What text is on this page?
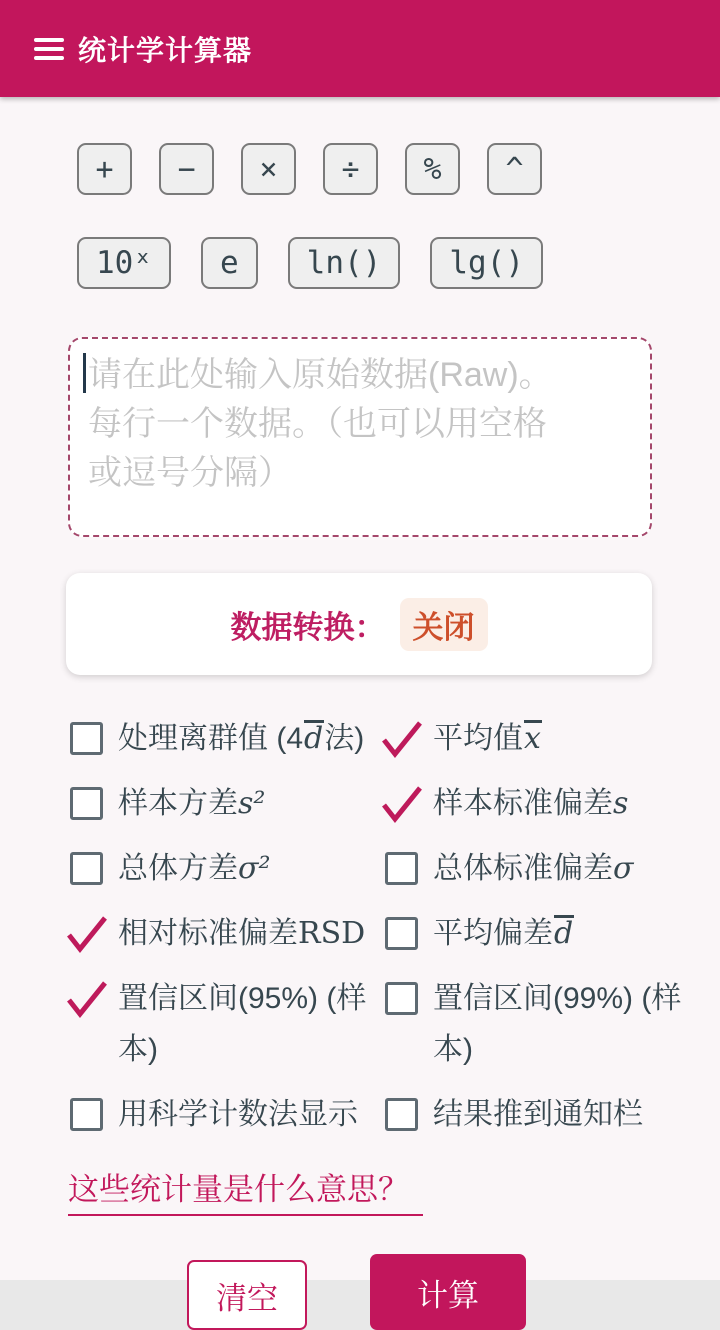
统计学计算器
+	−	×	÷	%	^
10ˣ	e	ln()	lg()
请在此处输入原始数据(Raw)。 每行一个数据。（也可以用空格 或逗号分隔）
数据转换： 关闭
处理离群值 (4d法) 平均值x
样本方差s²	样本标准偏差s
总体方差σ²	总体标准偏差σ
相对标准偏差RSD 平均偏差d
置信区间(95%) (样本)
置信区间(99%) (样本)
用科学计数法显示	结果推到通知栏
这些统计量是什么意思？
清空	计算
